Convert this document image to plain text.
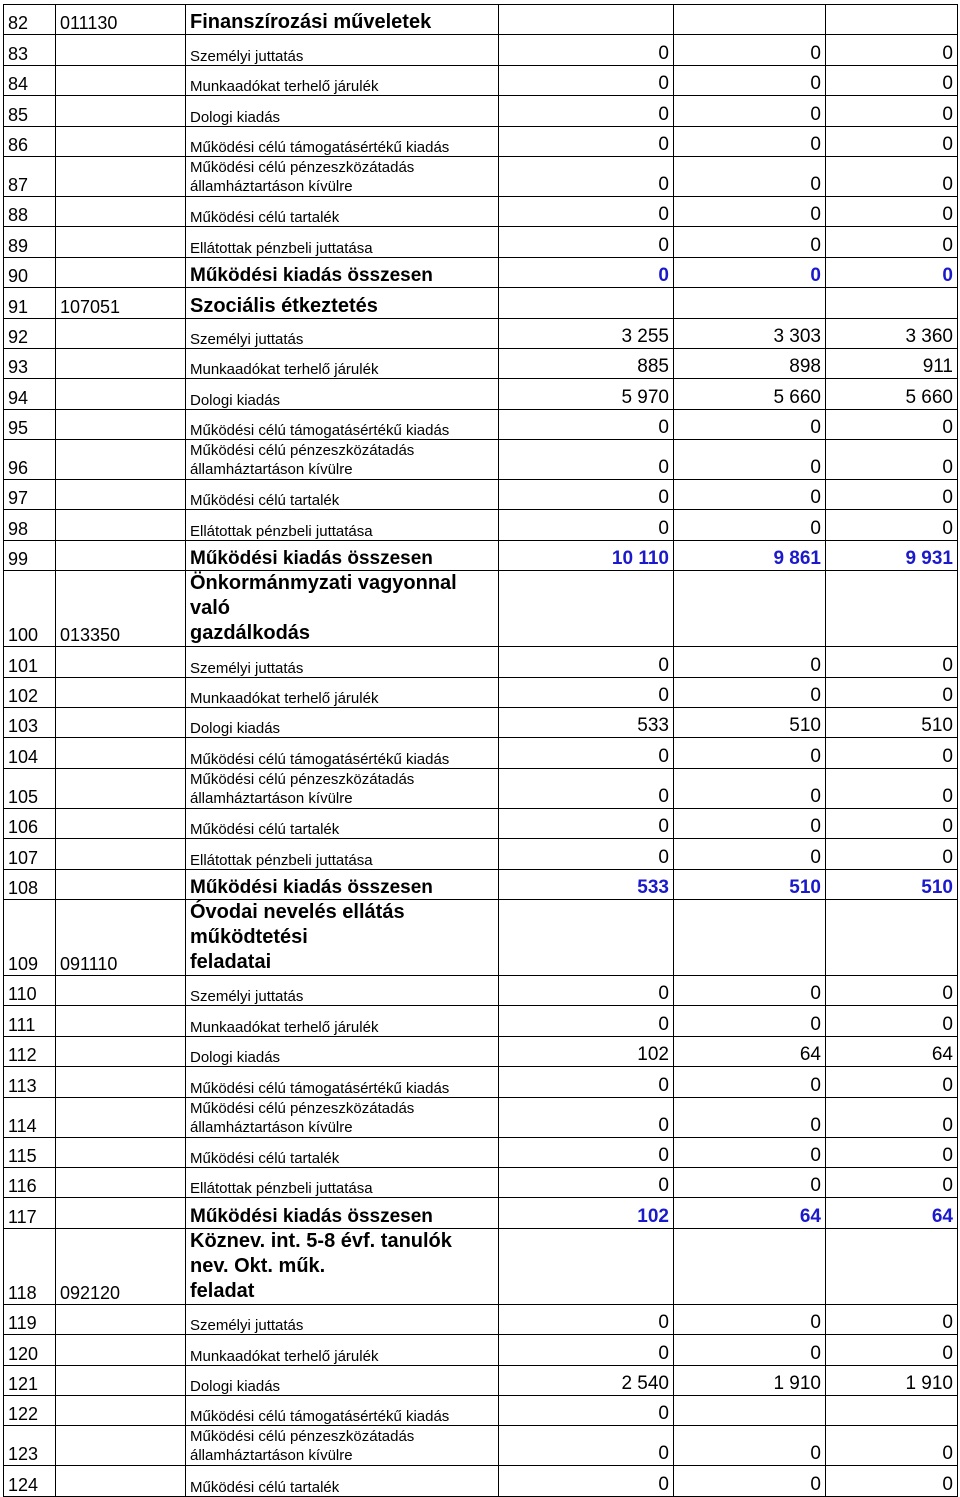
82	011130	Finanszírozási műveletek			
83		Személyi juttatás	0	0	0
84		Munkaadókat terhelő járulék	0	0	0
85		Dologi kiadás	0	0	0
86		Működési célú támogatásértékű kiadás	0	0	0
87		Működési célú pénzeszközátadás
államháztartáson kívülre	0	0	0
88		Működési célú tartalék	0	0	0
89		Ellátottak pénzbeli juttatása	0	0	0
90		Működési kiadás összesen	0	0	0
91	107051	Szociális étkeztetés			
92		Személyi juttatás	3 255	3 303	3 360
93		Munkaadókat terhelő járulék	885	898	911
94		Dologi kiadás	5 970	5 660	5 660
95		Működési célú támogatásértékű kiadás	0	0	0
96		Működési célú pénzeszközátadás
államháztartáson kívülre	0	0	0
97		Működési célú tartalék	0	0	0
98		Ellátottak pénzbeli juttatása	0	0	0
99		Működési kiadás összesen	10 110	9 861	9 931
100	013350	Önkormánmyzati vagyonnal való
gazdálkodás			
101		Személyi juttatás	0	0	0
102		Munkaadókat terhelő járulék	0	0	0
103		Dologi kiadás	533	510	510
104		Működési célú támogatásértékű kiadás	0	0	0
105		Működési célú pénzeszközátadás
államháztartáson kívülre	0	0	0
106		Működési célú tartalék	0	0	0
107		Ellátottak pénzbeli juttatása	0	0	0
108		Működési kiadás összesen	533	510	510
109	091110	Óvodai nevelés ellátás működtetési
feladatai			
110		Személyi juttatás	0	0	0
111		Munkaadókat terhelő járulék	0	0	0
112		Dologi kiadás	102	64	64
113		Működési célú támogatásértékű kiadás	0	0	0
114		Működési célú pénzeszközátadás
államháztartáson kívülre	0	0	0
115		Működési célú tartalék	0	0	0
116		Ellátottak pénzbeli juttatása	0	0	0
117		Működési kiadás összesen	102	64	64
118	092120	Köznev. int. 5-8 évf. tanulók nev. Okt. műk.
feladat			
119		Személyi juttatás	0	0	0
120		Munkaadókat terhelő járulék	0	0	0
121		Dologi kiadás	2 540	1 910	1 910
122		Működési célú támogatásértékű kiadás	0		
123		Működési célú pénzeszközátadás
államháztartáson kívülre	0	0	0
124		Működési célú tartalék	0	0	0
